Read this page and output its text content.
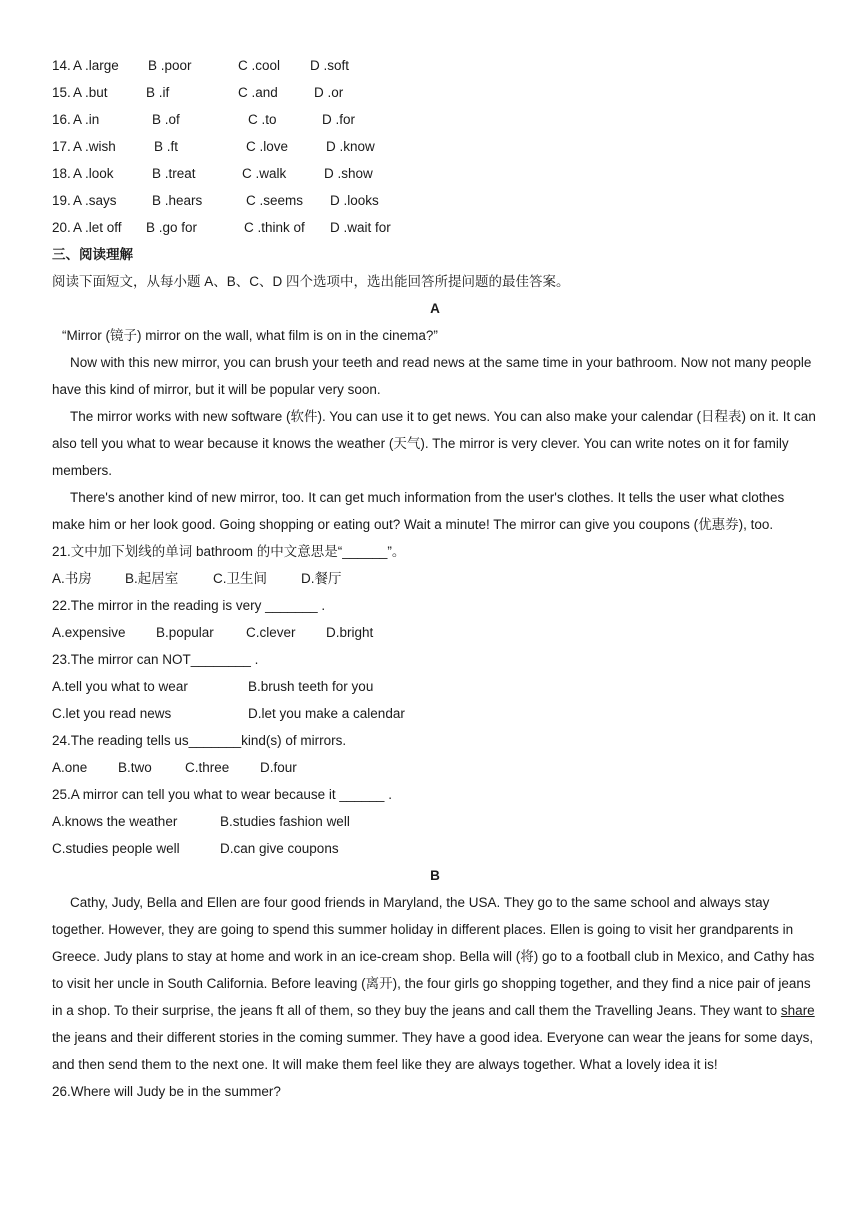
14. A .large B .poor	C .cool D .soft
15. A .but	B .if	C .and	D .or
16. A .in	B .of	C .to	D .for
17. A .wish	B .ft	C .love	D .know
18. A .look	B .treat	C .walk	D .show
19. A .says	B .hears	C .seems D .looks
20. A .let off B .go for	C .think of D .wait for
三、阅读理解
阅读下面短文，从每小题 A、B、C、D 四个选项中，选出能回答所提问题的最佳答案。
A
“Mirror (镜子) mirror on the wall, what film is on in the cinema?”
Now with this new mirror, you can brush your teeth and read news at the same time in your bathroom. Now not many people have this kind of mirror, but it will be popular very soon.
The mirror works with new software (软件). You can use it to get news. You can also make your calendar (日程表) on it. It can also tell you what to wear because it knows the weather (天气). The mirror is very clever. You can write notes on it for family members.
There's another kind of new mirror, too. It can get much information from the user's clothes. It tells the user what clothes make him or her look good. Going shopping or eating out? Wait a minute! The mirror can give you coupons (优惠券), too.
21.文中加下划线的单词 bathroom 的中文意思是“______”。
A.书房 B.起居室	C.卫生间	D.餐厅
22.The mirror in the reading is very _______ .
A.expensive B.popular C.clever D.bright
23.The mirror can NOT________ .
A.tell you what to wear	B.brush teeth for you
C.let you read news	D.let you make a calendar
24.The reading tells us_______kind(s) of mirrors.
A.one B.two C.three D.four
25.A mirror can tell you what to wear because it ______ .
A.knows the weather	B.studies fashion well
C.studies people well	D.can give coupons
B
Cathy, Judy, Bella and Ellen are four good friends in Maryland, the USA. They go to the same school and always stay together. However, they are going to spend this summer holiday in different places. Ellen is going to visit her grandparents in Greece. Judy plans to stay at home and work in an ice-cream shop. Bella will (将) go to a football club in Mexico, and Cathy has to visit her uncle in South California. Before leaving (离开), the four girls go shopping together, and they find a nice pair of jeans in a shop. To their surprise, the jeans ft all of them, so they buy the jeans and call them the Travelling Jeans. They want to share the jeans and their different stories in the coming summer. They have a good idea. Everyone can wear the jeans for some days, and then send them to the next one. It will make them feel like they are always together. What a lovely idea it is!
26.Where will Judy be in the summer?
